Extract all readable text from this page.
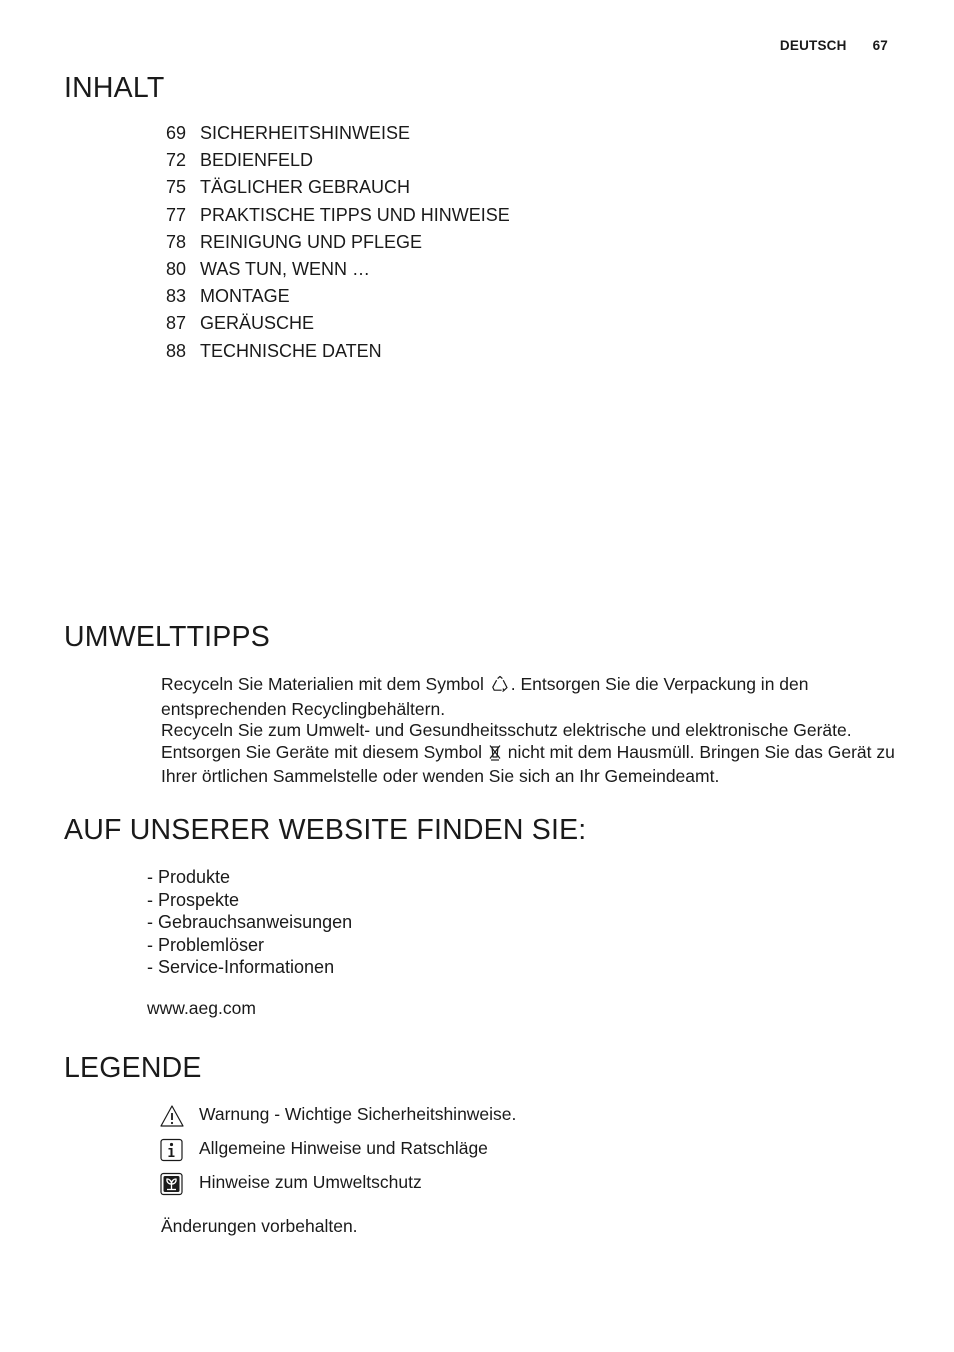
DEUTSCH 67
INHALT
69 SICHERHEITSHINWEISE
72 BEDIENFELD
75 TÄGLICHER GEBRAUCH
77 PRAKTISCHE TIPPS UND HINWEISE
78 REINIGUNG UND PFLEGE
80 WAS TUN, WENN …
83 MONTAGE
87 GERÄUSCHE
88 TECHNISCHE DATEN
UMWELTTIPPS

Recyceln Sie Materialien mit dem Symbol . Entsorgen Sie die Verpackung in den entsprechenden Recyclingbehältern.
Recyceln Sie zum Umwelt- und Gesundheitsschutz elektrische und elektronische Geräte. Entsorgen Sie Geräte mit diesem Symbol nicht mit dem Hausmüll. Bringen Sie das Gerät zu Ihrer örtlichen Sammelstelle oder wenden Sie sich an Ihr Gemeindeamt.

AUF UNSERER WEBSITE FINDEN SIE:
- Produkte
- Prospekte
- Gebrauchsanweisungen
- Problemlöser
- Service-Informationen
www.aeg.com
LEGENDE
Warnung - Wichtige Sicherheitshinweise.
Allgemeine Hinweise und Ratschläge
Hinweise zum Umweltschutz
Änderungen vorbehalten.
